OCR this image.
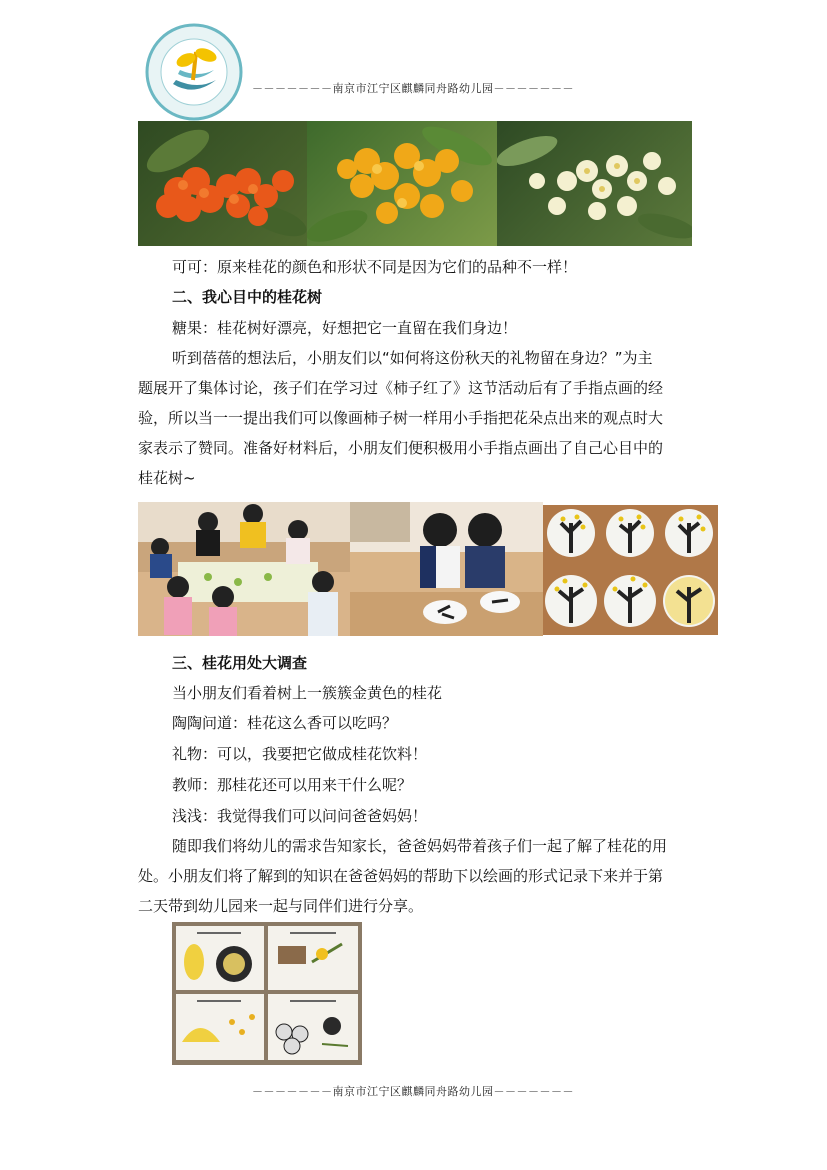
－－－－－－－南京市江宁区麒麟同舟路幼儿园－－－－－－－

可可：原来桂花的颜色和形状不同是因为它们的品种不一样！

二、我心目中的桂花树

糖果：桂花树好漂亮，好想把它一直留在我们身边！

听到蓓蓓的想法后，小朋友们以“如何将这份秋天的礼物留在身边？”为主

题展开了集体讨论，孩子们在学习过《柿子红了》这节活动后有了手指点画的经

验，所以当一一提出我们可以像画柿子树一样用小手指把花朵点出来的观点时大

家表示了赞同。准备好材料后，小朋友们便积极用小手指点画出了自己心目中的

桂花树~

三、桂花用处大调查

当小朋友们看着树上一簇簇金黄色的桂花

陶陶问道：桂花这么香可以吃吗？

礼物：可以，我要把它做成桂花饮料！

教师：那桂花还可以用来干什么呢？

浅浅：我觉得我们可以问问爸爸妈妈！

随即我们将幼儿的需求告知家长，爸爸妈妈带着孩子们一起了解了桂花的用

处。小朋友们将了解到的知识在爸爸妈妈的帮助下以绘画的形式记录下来并于第

二天带到幼儿园来一起与同伴们进行分享。

－－－－－－－南京市江宁区麒麟同舟路幼儿园－－－－－－－
